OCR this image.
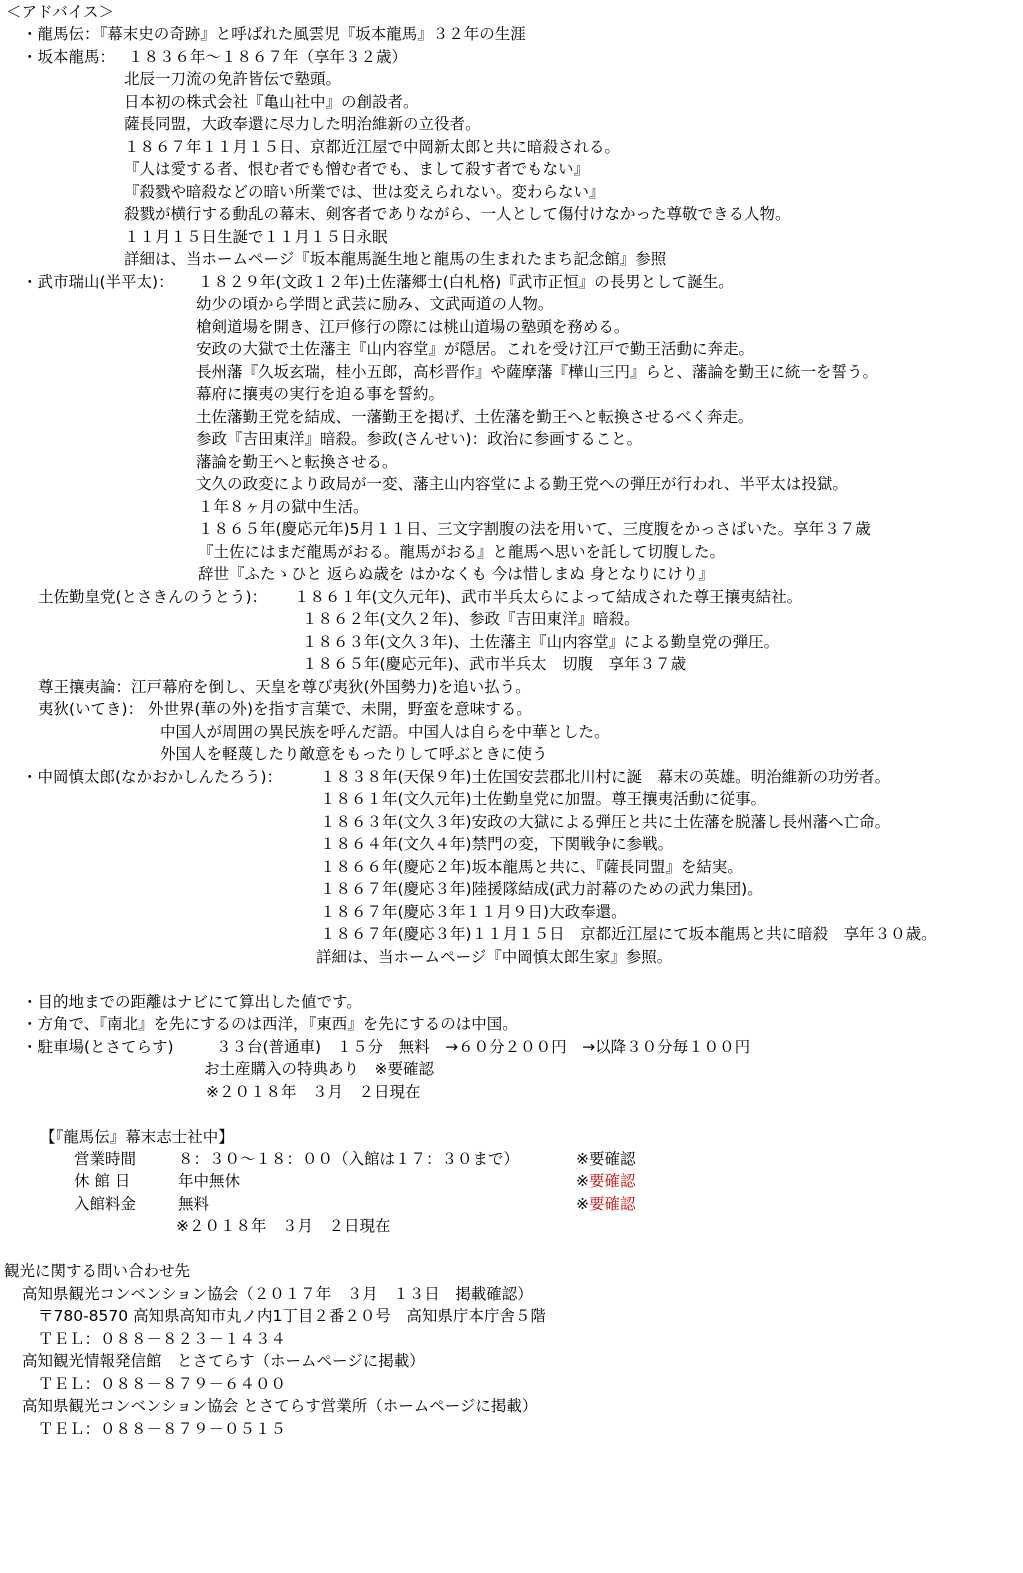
＜アドバイス＞
・龍馬伝：『幕末史の奇跡』と呼ばれた風雲児『坂本龍馬』３２年の生涯
・坂本龍馬： １８３６年～１８６７年（享年３２歳）
北辰一刀流の免許皆伝で塾頭。
日本初の株式会社『亀山社中』の創設者。
薩長同盟，大政奉還に尽力した明治維新の立役者。
１８６７年１１月１５日、京都近江屋で中岡新太郎と共に暗殺される。
『人は愛する者、恨む者でも憎む者でも、まして殺す者でもない』
『殺戮や暗殺などの暗い所業では、世は変えられない。変わらない』
殺戮が横行する動乱の幕末、剣客者でありながら、一人として傷付けなかった尊敬できる人物。
１１月１５日生誕で１１月１５日永眠
詳細は、当ホームページ『坂本龍馬誕生地と龍馬の生まれたまち記念館』参照
・武市瑞山(半平太)： １８２９年(文政１２年)土佐藩郷士(白札格)『武市正恒』の長男として誕生。
幼少の頃から学問と武芸に励み、文武両道の人物。
槍剣道場を開き、江戸修行の際には桃山道場の塾頭を務める。
安政の大獄で土佐藩主『山内容堂』が隠居。これを受け江戸で勤王活動に奔走。
長州藩『久坂玄瑞，桂小五郎，高杉晋作』や薩摩藩『樺山三円』らと、藩論を勤王に統一を誓う。
幕府に攘夷の実行を迫る事を誓約。
土佐藩勤王党を結成、一藩勤王を掲げ、土佐藩を勤王へと転換させるべく奔走。
参政『吉田東洋』暗殺。参政(さんせい)：政治に参画すること。
藩論を勤王へと転換させる。
文久の政変により政局が一変、藩主山内容堂による勤王党への弾圧が行われ、半平太は投獄。
１年８ヶ月の獄中生活。
１８６５年(慶応元年)5月１１日、三文字割腹の法を用いて、三度腹をかっさばいた。享年３７歳
『土佐にはまだ龍馬がおる。龍馬がおる』と龍馬へ思いを託して切腹した。
辞世『ふたゝひと 返らぬ歳を はかなくも 今は惜しまぬ 身となりにけり』
土佐勤皇党(とさきんのうとう)： １８６１年(文久元年)、武市半兵太らによって結成された尊王攘夷結社。
１８６２年(文久２年)、参政『吉田東洋』暗殺。
１８６３年(文久３年)、土佐藩主『山内容堂』による勤皇党の弾圧。
１８６５年(慶応元年)、武市半兵太　切腹　享年３７歳
尊王攘夷論：江戸幕府を倒し、天皇を尊び夷狄(外国勢力)を追い払う。
夷狄(いてき)： 外世界(華の外)を指す言葉で、未開，野蛮を意味する。
中国人が周囲の異民族を呼んだ語。中国人は自らを中華とした。
外国人を軽蔑したり敵意をもったりして呼ぶときに使う
・中岡慎太郎(なかおかしんたろう)： １８３８年(天保９年)土佐国安芸郡北川村に誕　幕末の英雄。明治維新の功労者。
１８６１年(文久元年)土佐勤皇党に加盟。尊王攘夷活動に従事。
１８６３年(文久３年)安政の大獄による弾圧と共に土佐藩を脱藩し長州藩へ亡命。
１８６４年(文久４年)禁門の変，下関戦争に参戦。
１８６６年(慶応２年)坂本龍馬と共に、『薩長同盟』を結実。
１８６７年(慶応３年)陸援隊結成(武力討幕のための武力集団)。
１８６７年(慶応３年１１月９日)大政奉還。
１８６７年(慶応３年)１１月１５日　京都近江屋にて坂本龍馬と共に暗殺　享年３０歳。
詳細は、当ホームページ『中岡慎太郎生家』参照。
・目的地までの距離はナビにて算出した値です。
・方角で、『南北』を先にするのは西洋，『東西』を先にするのは中国。
・駐車場(とさてらす)	３３台(普通車)　１５分　無料　→６０分２００円　→以降３０分毎１００円
お土産購入の特典あり　※要確認
※２０１８年　３月　２日現在
【『龍馬伝』幕末志士社中】
営業時間	８：３０～１８：００（入館は１７：３０まで）	※要確認
休 館 日	年中無休	※要確認
入館料金	無料	※要確認
※２０１８年　３月　２日現在
観光に関する問い合わせ先
高知県観光コンベンション協会（２０１７年　３月　１３日　掲載確認）
〒780-8570 高知県高知市丸ノ内1丁目２番２０号　高知県庁本庁舎５階
ＴＥＬ：０８８－８２３－１４３４
高知観光情報発信館　とさてらす（ホームページに掲載）
ＴＥＬ：０８８－８７９－６４００
高知県観光コンベンション協会 とさてらす営業所（ホームページに掲載）
ＴＥＬ：０８８－８７９－０５１５
